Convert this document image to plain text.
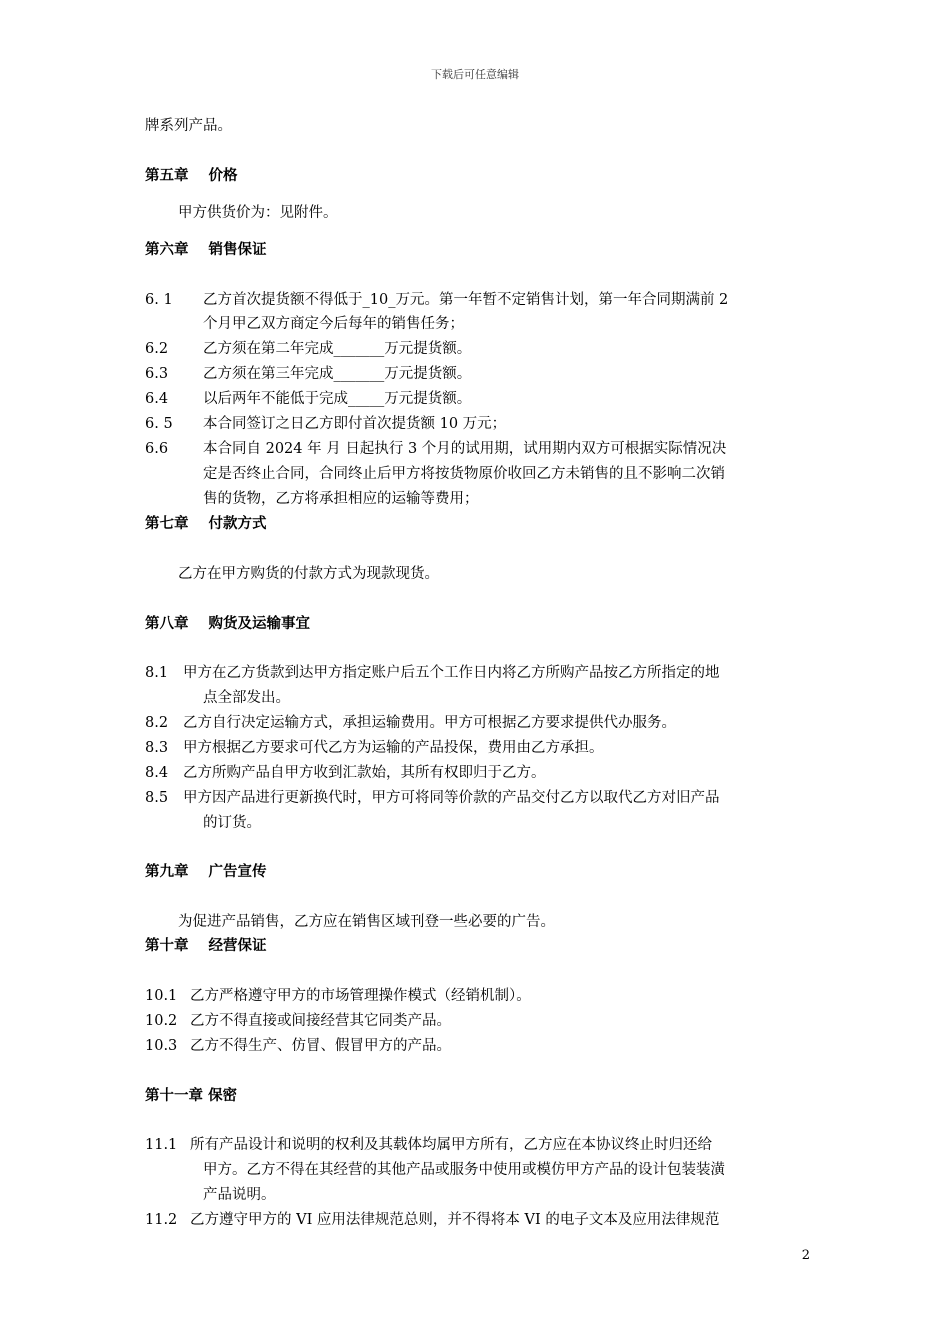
下载后可任意编辑
牌系列产品。
第五章 价格
甲方供货价为：见附件。
第六章 销售保证
6. 1 乙方首次提货额不得低于_10_万元。第一年暂不定销售计划，第一年合同期满前 2
个月甲乙双方商定今后每年的销售任务；
6.2 乙方须在第二年完成_______万元提货额。
6.3 乙方须在第三年完成_______万元提货额。
6.4 以后两年不能低于完成_____万元提货额。
6. 5 本合同签订之日乙方即付首次提货额 10 万元；
6.6 本合同自 2024 年 月 日起执行 3 个月的试用期，试用期内双方可根据实际情况决
定是否终止合同，合同终止后甲方将按货物原价收回乙方未销售的且不影响二次销
售的货物，乙方将承担相应的运输等费用；
第七章 付款方式
乙方在甲方购货的付款方式为现款现货。
第八章 购货及运输事宜
8.1 甲方在乙方货款到达甲方指定账户后五个工作日内将乙方所购产品按乙方所指定的地
点全部发出。
8.2 乙方自行决定运输方式，承担运输费用。甲方可根据乙方要求提供代办服务。
8.3 甲方根据乙方要求可代乙方为运输的产品投保，费用由乙方承担。
8.4 乙方所购产品自甲方收到汇款始，其所有权即归于乙方。
8.5 甲方因产品进行更新换代时，甲方可将同等价款的产品交付乙方以取代乙方对旧产品
的订货。
第九章 广告宣传
为促进产品销售，乙方应在销售区域刊登一些必要的广告。
第十章 经营保证
10.1 乙方严格遵守甲方的市场管理操作模式（经销机制）。
10.2 乙方不得直接或间接经营其它同类产品。
10.3 乙方不得生产、仿冒、假冒甲方的产品。
第十一章 保密
11.1 所有产品设计和说明的权利及其载体均属甲方所有，乙方应在本协议终止时归还给
甲方。乙方不得在其经营的其他产品或服务中使用或模仿甲方产品的设计包装装潢
产品说明。
11.2 乙方遵守甲方的 VI 应用法律规范总则，并不得将本 VI 的电子文本及应用法律规范
2
